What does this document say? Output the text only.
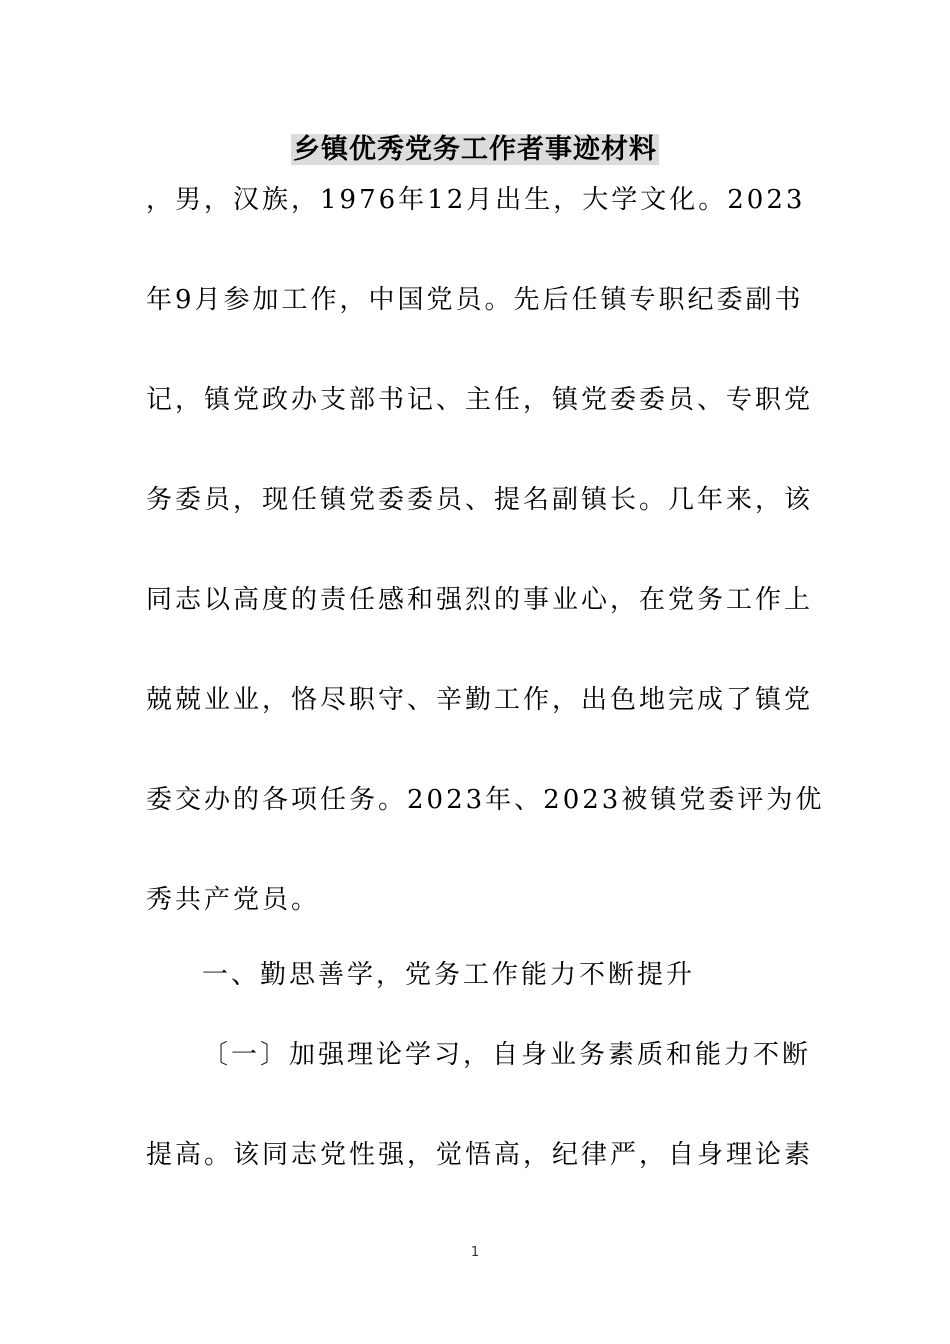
乡镇优秀党务工作者事迹材料

，男，汉族，1976年12月出生，大学文化。2023

年9月参加工作，中国党员。先后任镇专职纪委副书

记，镇党政办支部书记、主任，镇党委委员、专职党

务委员，现任镇党委委员、提名副镇长。几年来，该

同志以高度的责任感和强烈的事业心，在党务工作上

兢兢业业，恪尽职守、辛勤工作，出色地完成了镇党

委交办的各项任务。2023年、2023被镇党委评为优

秀共产党员。

一、勤思善学，党务工作能力不断提升

〔一〕加强理论学习，自身业务素质和能力不断

提高。该同志党性强，觉悟高，纪律严，自身理论素

1
